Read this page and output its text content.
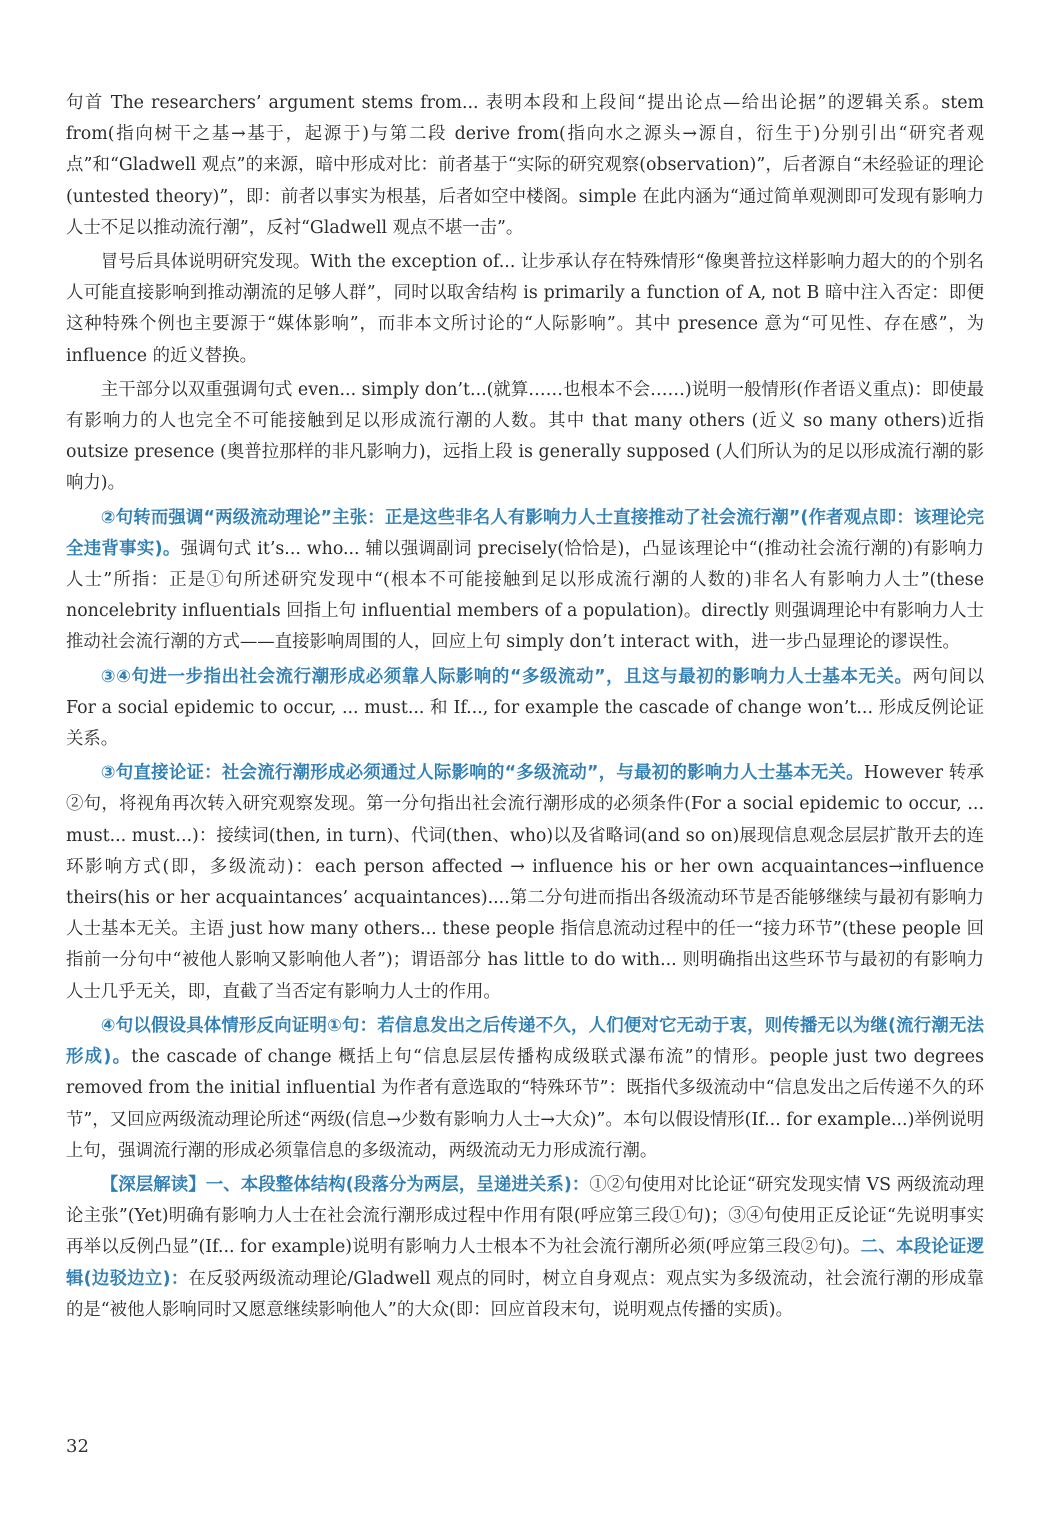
句首 The researchers’ argument stems from... 表明本段和上段间“提出论点—给出论据”的逻辑关系。stem from(指向树干之基→基于，起源于)与第二段 derive from(指向水之源头→源自，衍生于)分别引出“研究者观点”和“Gladwell 观点”的来源，暗中形成对比：前者基于“实际的研究观察(observation)”，后者源自“未经验证的理论(untested theory)”，即：前者以事实为根基，后者如空中楼阁。simple 在此内涵为“通过简单观测即可发现有影响力人士不足以推动流行潮”，反衬“Gladwell 观点不堪一击”。

冒号后具体说明研究发现。With the exception of... 让步承认存在特殊情形“像奥普拉这样影响力超大的的个别名人可能直接影响到推动潮流的足够人群”，同时以取舍结构 is primarily a function of A, not B 暗中注入否定：即便这种特殊个例也主要源于“媒体影响”，而非本文所讨论的“人际影响”。其中 presence 意为“可见性、存在感”，为 influence 的近义替换。

主干部分以双重强调句式 even... simply don’t...(就算……也根本不会……)说明一般情形(作者语义重点)：即使最有影响力的人也完全不可能接触到足以形成流行潮的人数。其中 that many others (近义 so many others)近指 outsize presence (奥普拉那样的非凡影响力)，远指上段 is generally supposed (人们所认为的足以形成流行潮的影响力)。

②句转而强调“两级流动理论”主张：正是这些非名人有影响力人士直接推动了社会流行潮”(作者观点即：该理论完全违背事实)。强调句式 it’s... who... 辅以强调副词 precisely(恰恰是)，凸显该理论中“(推动社会流行潮的)有影响力人士”所指：正是①句所述研究发现中“(根本不可能接触到足以形成流行潮的人数的)非名人有影响力人士”(these noncelebrity influentials 回指上句 influential members of a population)。directly 则强调理论中有影响力人士推动社会流行潮的方式——直接影响周围的人，回应上句 simply don’t interact with，进一步凸显理论的谬误性。

③④句进一步指出社会流行潮形成必须靠人际影响的“多级流动”，且这与最初的影响力人士基本无关。两句间以 For a social epidemic to occur, ... must... 和 If..., for example the cascade of change won’t... 形成反例论证关系。

③句直接论证：社会流行潮形成必须通过人际影响的“多级流动”，与最初的影响力人士基本无关。However 转承②句，将视角再次转入研究观察发现。第一分句指出社会流行潮形成的必须条件(For a social epidemic to occur, ... must... must...)：接续词(then, in turn)、代词(then、who)以及省略词(and so on)展现信息观念层层扩散开去的连环影响方式(即，多级流动)：each person affected → influence his or her own acquaintances→influence theirs(his or her acquaintances’ acquaintances)....第二分句进而指出各级流动环节是否能够继续与最初有影响力人士基本无关。主语 just how many others... these people 指信息流动过程中的任一“接力环节”(these people 回指前一分句中“被他人影响又影响他人者”)；谓语部分 has little to do with... 则明确指出这些环节与最初的有影响力人士几乎无关，即，直截了当否定有影响力人士的作用。

④句以假设具体情形反向证明①句：若信息发出之后传递不久，人们便对它无动于衷，则传播无以为继(流行潮无法形成)。the cascade of change 概括上句“信息层层传播构成级联式瀑布流”的情形。people just two degrees removed from the initial influential 为作者有意选取的“特殊环节”：既指代多级流动中“信息发出之后传递不久的环节”，又回应两级流动理论所述“两级(信息→少数有影响力人士→大众)”。本句以假设情形(If... for example...)举例说明上句，强调流行潮的形成必须靠信息的多级流动，两级流动无力形成流行潮。

【深层解读】一、本段整体结构(段落分为两层，呈递进关系)：①②句使用对比论证“研究发现实情 VS 两级流动理论主张”(Yet)明确有影响力人士在社会流行潮形成过程中作用有限(呼应第三段①句)；③④句使用正反论证“先说明事实再举以反例凸显”(If... for example)说明有影响力人士根本不为社会流行潮所必须(呼应第三段②句)。二、本段论证逻辑(边驳边立)：在反驳两级流动理论/Gladwell 观点的同时，树立自身观点：观点实为多级流动，社会流行潮的形成靠的是“被他人影响同时又愿意继续影响他人”的大众(即：回应首段末句，说明观点传播的实质)。

32
